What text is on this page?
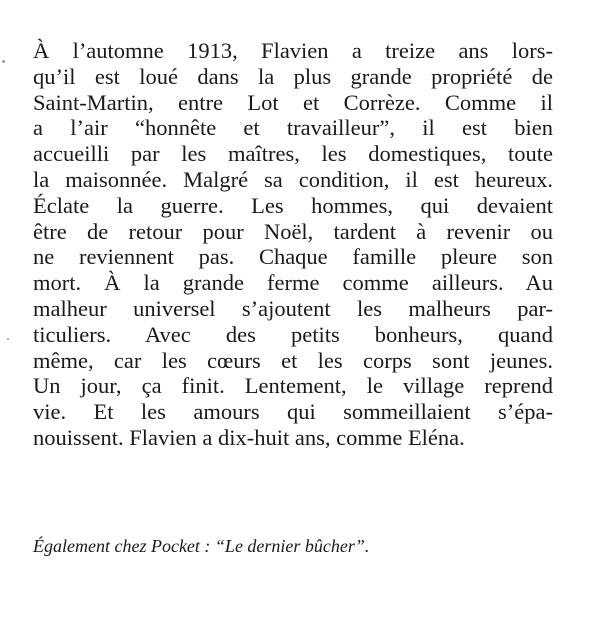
À l’automne 1913, Flavien a treize ans lors-
qu’il est loué dans la plus grande propriété de
Saint-Martin, entre Lot et Corrèze. Comme il
a l’air “honnête et travailleur”, il est bien
accueilli par les maîtres, les domestiques, toute
la maisonnée. Malgré sa condition, il est heureux.
Éclate la guerre. Les hommes, qui devaient
être de retour pour Noël, tardent à revenir ou
ne reviennent pas. Chaque famille pleure son
mort. À la grande ferme comme ailleurs. Au
malheur universel s’ajoutent les malheurs par-
ticuliers. Avec des petits bonheurs, quand
même, car les cœurs et les corps sont jeunes.
Un jour, ça finit. Lentement, le village reprend
vie. Et les amours qui sommeillaient s’épa-
nouissent. Flavien a dix-huit ans, comme Eléna.
Également chez Pocket : “Le dernier bûcher”.
